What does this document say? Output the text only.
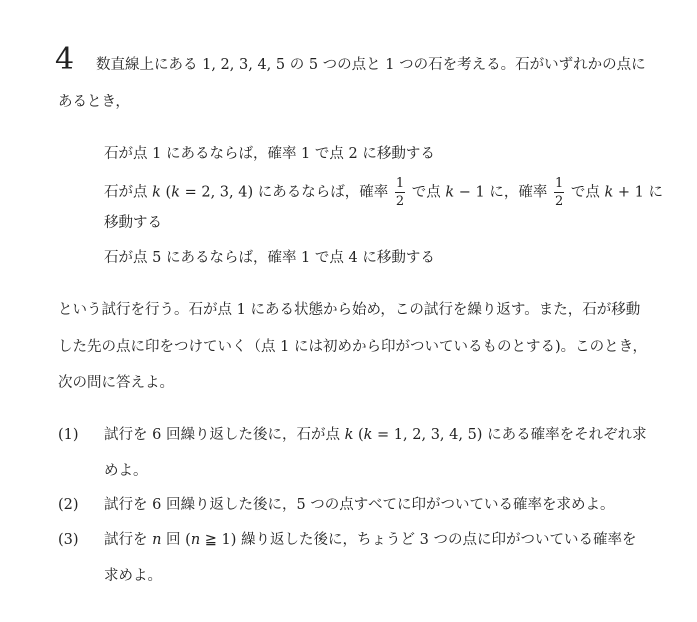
4 数直線上にある 1, 2, 3, 4, 5 の 5 つの点と 1 つの石を考える。石がいずれかの点に
あるとき，
石が点 1 にあるならば，確率 1 で点 2 に移動する
石が点 k (k = 2, 3, 4) にあるならば，確率 $\frac{1}{2}$ で点 k − 1 に，確率 $\frac{1}{2}$ で点 k + 1 に
移動する
石が点 5 にあるならば，確率 1 で点 4 に移動する
という試行を行う。石が点 1 にある状態から始め，この試行を繰り返す。また，石が移動
した先の点に印をつけていく（点 1 には初めから印がついているものとする)。このとき，
次の問に答えよ。
(1) 試行を 6 回繰り返した後に，石が点 k (k = 1, 2, 3, 4, 5) にある確率をそれぞれ求
めよ。
(2) 試行を 6 回繰り返した後に，5 つの点すべてに印がついている確率を求めよ。
(3) 試行を n 回 (n ≧ 1) 繰り返した後に，ちょうど 3 つの点に印がついている確率を
求めよ。
